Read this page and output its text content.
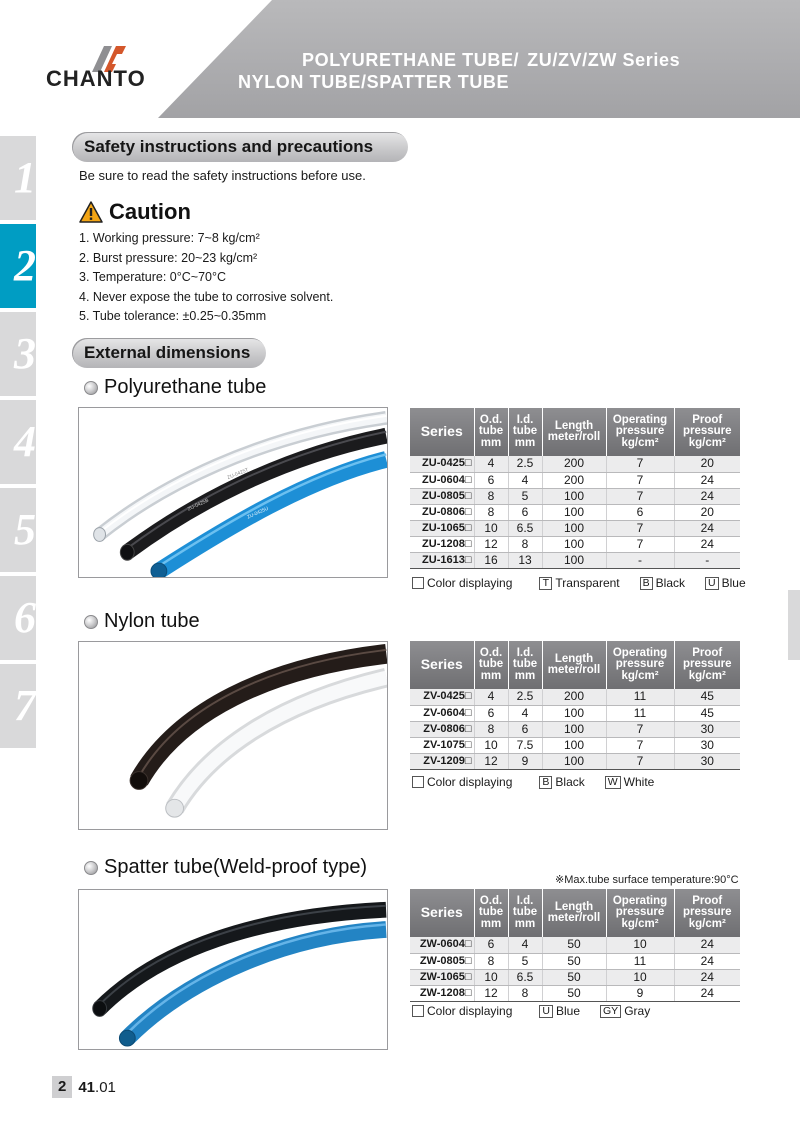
CHANTO
POLYURETHANE TUBE/ ZU/ZV/ZW Series
NYLON TUBE/SPATTER TUBE
1
2
3
4
5
6
7
Safety instructions and precautions
Be sure to read the safety instructions before use.
Caution
1. Working pressure: 7~8 kg/cm²
2. Burst pressure: 20~23 kg/cm²
3. Temperature: 0°C~70°C
4. Never expose the tube to corrosive solvent.
5. Tube tolerance: ±0.25~0.35mm
External dimensions
Polyurethane tube
ZU-0425T
ZU-0425B
ZU-0425U
Series	O.d.
tube
mm	I.d.
tube
mm	Length
meter/roll	Operating
pressure
kg/cm²	Proof
pressure
kg/cm²
ZU-0425□	4	2.5	200	7	20
ZU-0604□	6	4	200	7	24
ZU-0805□	8	5	100	7	24
ZU-0806□	8	6	100	6	20
ZU-1065□	10	6.5	100	7	24
ZU-1208□	12	8	100	7	24
ZU-1613□	16	13	100	-	-
Color displaying	T Transparent B Black U Blue
Nylon tube
Series	O.d.
tube
mm	I.d.
tube
mm	Length
meter/roll	Operating
pressure
kg/cm²	Proof
pressure
kg/cm²
ZV-0425□	4	2.5	200	11	45
ZV-0604□	6	4	100	11	45
ZV-0806□	8	6	100	7	30
ZV-1075□	10	7.5	100	7	30
ZV-1209□	12	9	100	7	30
Color displaying	B Black W White
Spatter tube(Weld-proof type)
※Max.tube surface temperature:90°C
Series	O.d.
tube
mm	I.d.
tube
mm	Length
meter/roll	Operating
pressure
kg/cm²	Proof
pressure
kg/cm²
ZW-0604□	6	4	50	10	24
ZW-0805□	8	5	50	11	24
ZW-1065□	10	6.5	50	10	24
ZW-1208□	12	8	50	9	24
Color displaying	U Blue GY Gray
2 41.01
